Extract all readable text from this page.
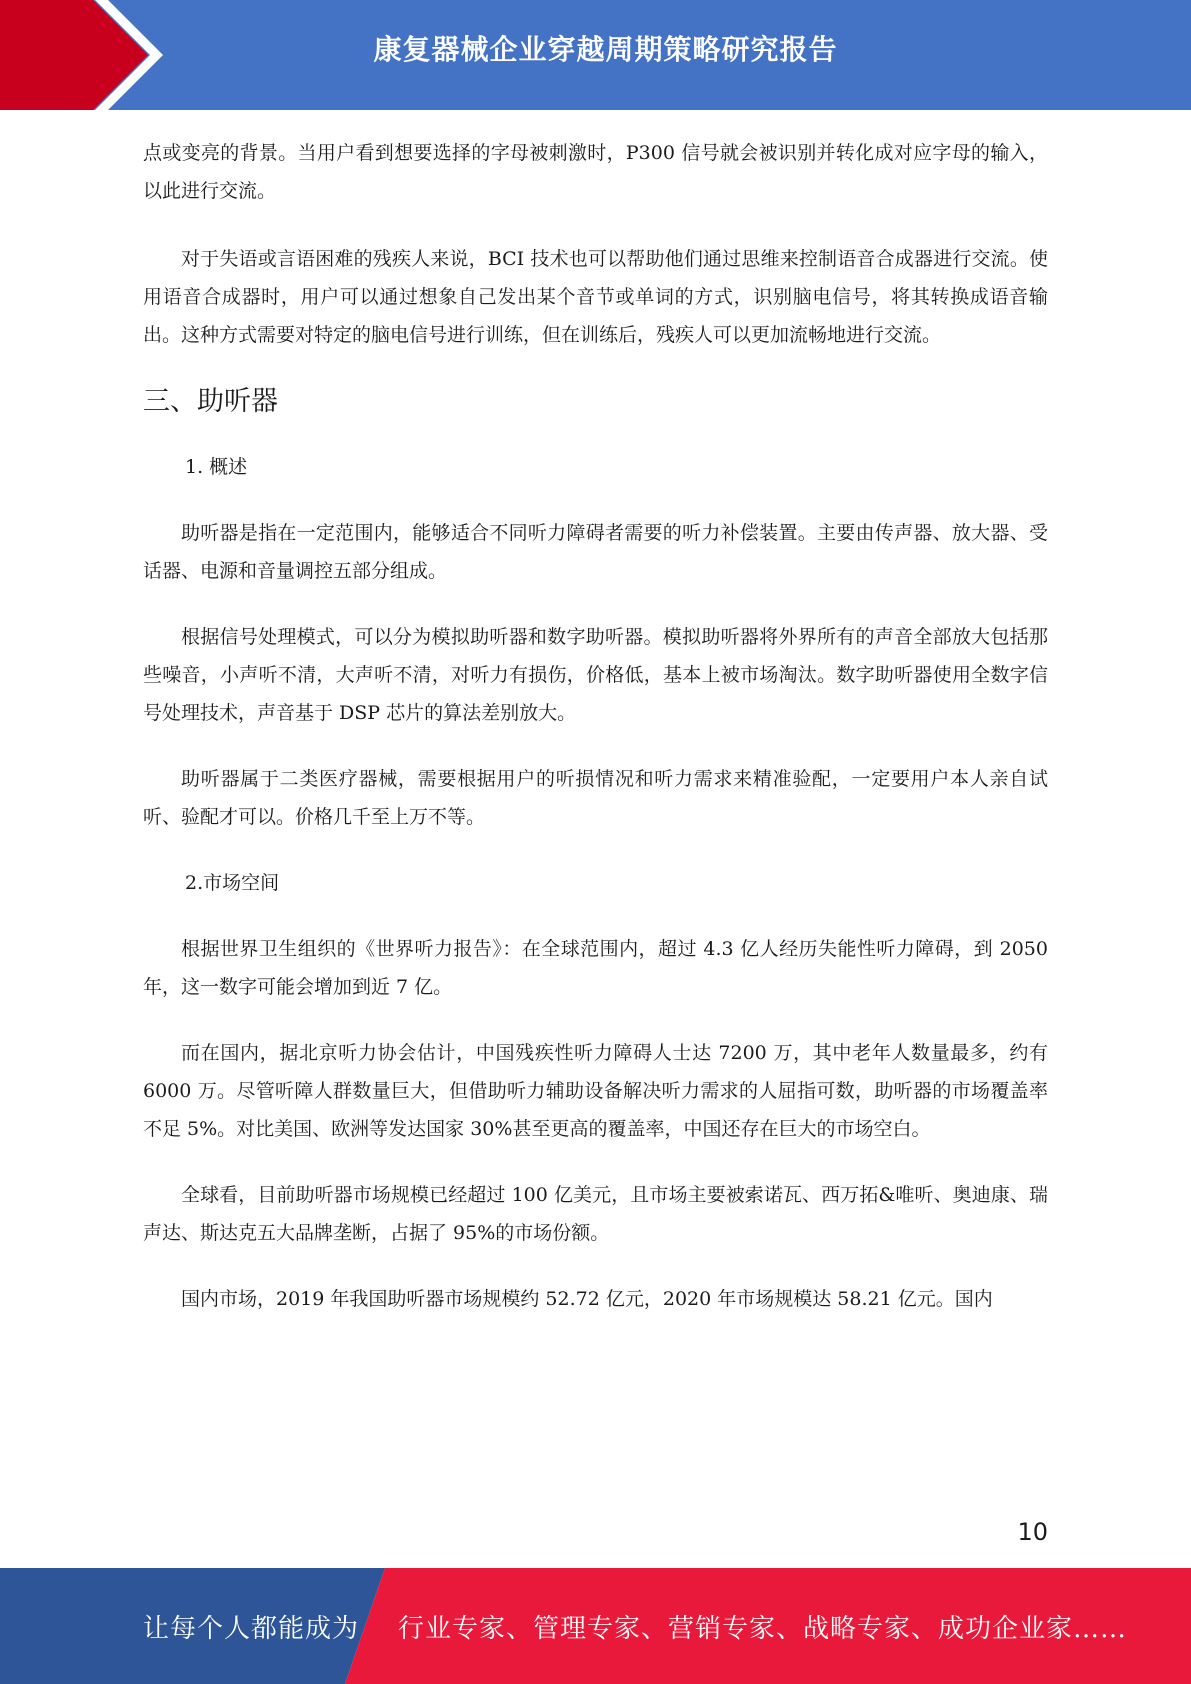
康复器械企业穿越周期策略研究报告

点或变亮的背景。当用户看到想要选择的字母被刺激时，P300 信号就会被识别并转化成对应字母的输入，以此进行交流。

对于失语或言语困难的残疾人来说，BCI 技术也可以帮助他们通过思维来控制语音合成器进行交流。使用语音合成器时，用户可以通过想象自己发出某个音节或单词的方式，识别脑电信号，将其转换成语音输出。这种方式需要对特定的脑电信号进行训练，但在训练后，残疾人可以更加流畅地进行交流。

三、助听器
1. 概述

助听器是指在一定范围内，能够适合不同听力障碍者需要的听力补偿装置。主要由传声器、放大器、受话器、电源和音量调控五部分组成。

根据信号处理模式，可以分为模拟助听器和数字助听器。模拟助听器将外界所有的声音全部放大包括那些噪音，小声听不清，大声听不清，对听力有损伤，价格低，基本上被市场淘汰。数字助听器使用全数字信号处理技术，声音基于 DSP 芯片的算法差别放大。

助听器属于二类医疗器械，需要根据用户的听损情况和听力需求来精准验配，一定要用户本人亲自试听、验配才可以。价格几千至上万不等。

2.市场空间

根据世界卫生组织的《世界听力报告》：在全球范围内，超过 4.3 亿人经历失能性听力障碍，到 2050 年，这一数字可能会增加到近 7 亿。

而在国内，据北京听力协会估计，中国残疾性听力障碍人士达 7200 万，其中老年人数量最多，约有 6000 万。尽管听障人群数量巨大，但借助听力辅助设备解决听力需求的人屈指可数，助听器的市场覆盖率不足 5%。对比美国、欧洲等发达国家 30%甚至更高的覆盖率，中国还存在巨大的市场空白。

全球看，目前助听器市场规模已经超过 100 亿美元，且市场主要被索诺瓦、西万拓&唯听、奥迪康、瑞声达、斯达克五大品牌垄断，占据了 95%的市场份额。

国内市场，2019 年我国助听器市场规模约 52.72 亿元，2020 年市场规模达 58.21 亿元。国内

10
让每个人都能成为 行业专家、管理专家、营销专家、战略专家、成功企业家……
